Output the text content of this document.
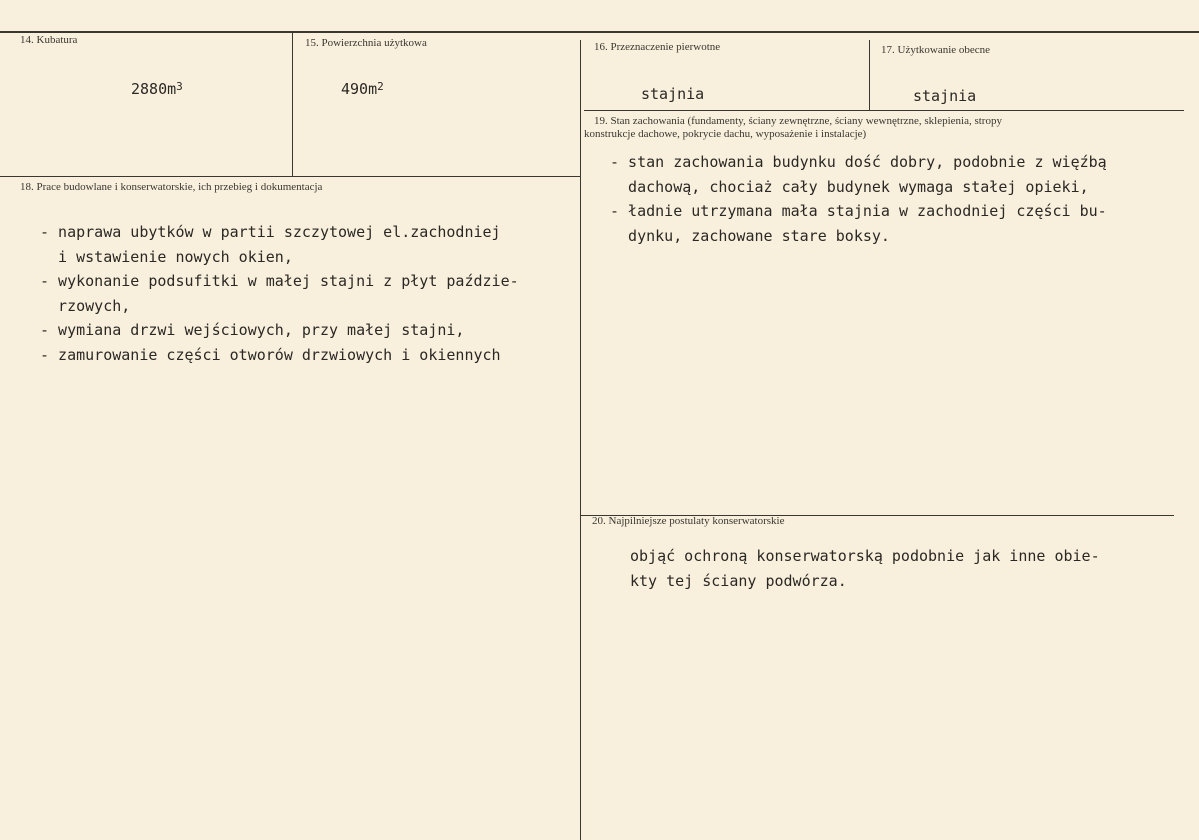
14. Kubatura
$2880m^3$
15. Powierzchnia użytkowa
$490m^2$
16. Przeznaczenie pierwotne
stajnia
17. Użytkowanie obecne
stajnia
19. Stan zachowania (fundamenty, ściany zewnętrzne, ściany wewnętrzne, sklepienia, stropy
konstrukcje dachowe, pokrycie dachu, wyposażenie i instalacje)
- stan zachowania budynku dość dobry, podobnie z więźbą
dachową, chociaż cały budynek wymaga stałej opieki,
- ładnie utrzymana mała stajnia w zachodniej części bu-
dynku, zachowane stare boksy.
18. Prace budowlane i konserwatorskie, ich przebieg i dokumentacja
- naprawa ubytków w partii szczytowej el.zachodniej
i wstawienie nowych okien,
- wykonanie podsufitki w małej stajni z płyt paździe-
rzowych,
- wymiana drzwi wejściowych, przy małej stajni,
- zamurowanie części otworów drzwiowych i okiennych
20. Najpilniejsze postulaty konserwatorskie
objąć ochroną konserwatorską podobnie jak inne obie-
kty tej ściany podwórza.
